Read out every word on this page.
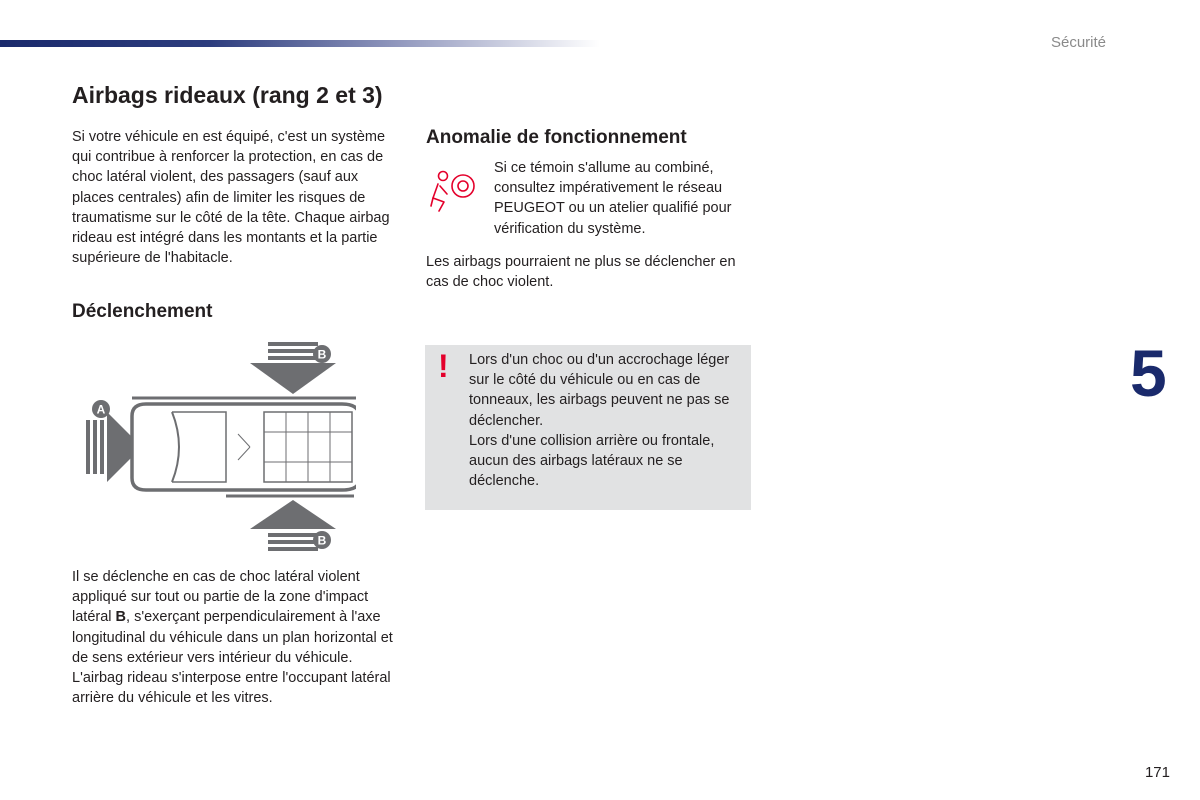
Sécurité
Airbags rideaux (rang 2 et 3)
Si votre véhicule en est équipé, c'est un système qui contribue à renforcer la protection, en cas de choc latéral violent, des passagers (sauf aux places centrales) afin de limiter les risques de traumatisme sur le côté de la tête. Chaque airbag rideau est intégré dans les montants et la partie supérieure de l'habitacle.
Déclenchement
A
B
B

Il se déclenche en cas de choc latéral violent appliqué sur tout ou partie de la zone d'impact latéral B, s'exerçant perpendiculairement à l'axe longitudinal du véhicule dans un plan horizontal et de sens extérieur vers intérieur du véhicule.

L'airbag rideau s'interpose entre l'occupant latéral arrière du véhicule et les vitres.

Anomalie de fonctionnement
Si ce témoin s'allume au combiné, consultez impérativement le réseau PEUGEOT ou un atelier qualifié pour vérification du système.
Les airbags pourraient ne plus se déclencher en cas de choc violent.
! Lors d'un choc ou d'un accrochage léger sur le côté du véhicule ou en cas de tonneaux, les airbags peuvent ne pas se déclencher.

Lors d'une collision arrière ou frontale, aucun des airbags latéraux ne se déclenche.

5
171
